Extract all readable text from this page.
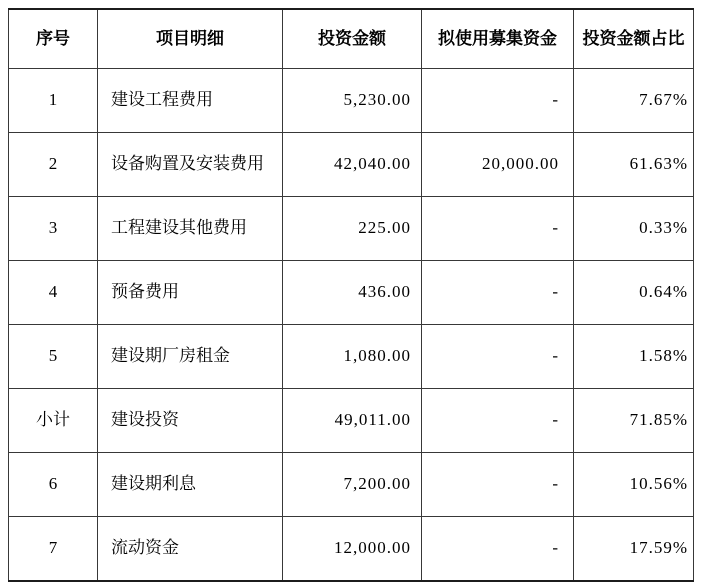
序号	项目明细	投资金额	拟使用募集资金	投资金额占比
1	建设工程费用	5,230.00	-	7.67%
2	设备购置及安装费用	42,040.00	20,000.00	61.63%
3	工程建设其他费用	225.00	-	0.33%
4	预备费用	436.00	-	0.64%
5	建设期厂房租金	1,080.00	-	1.58%
小计	建设投资	49,011.00	-	71.85%
6	建设期利息	7,200.00	-	10.56%
7	流动资金	12,000.00	-	17.59%
